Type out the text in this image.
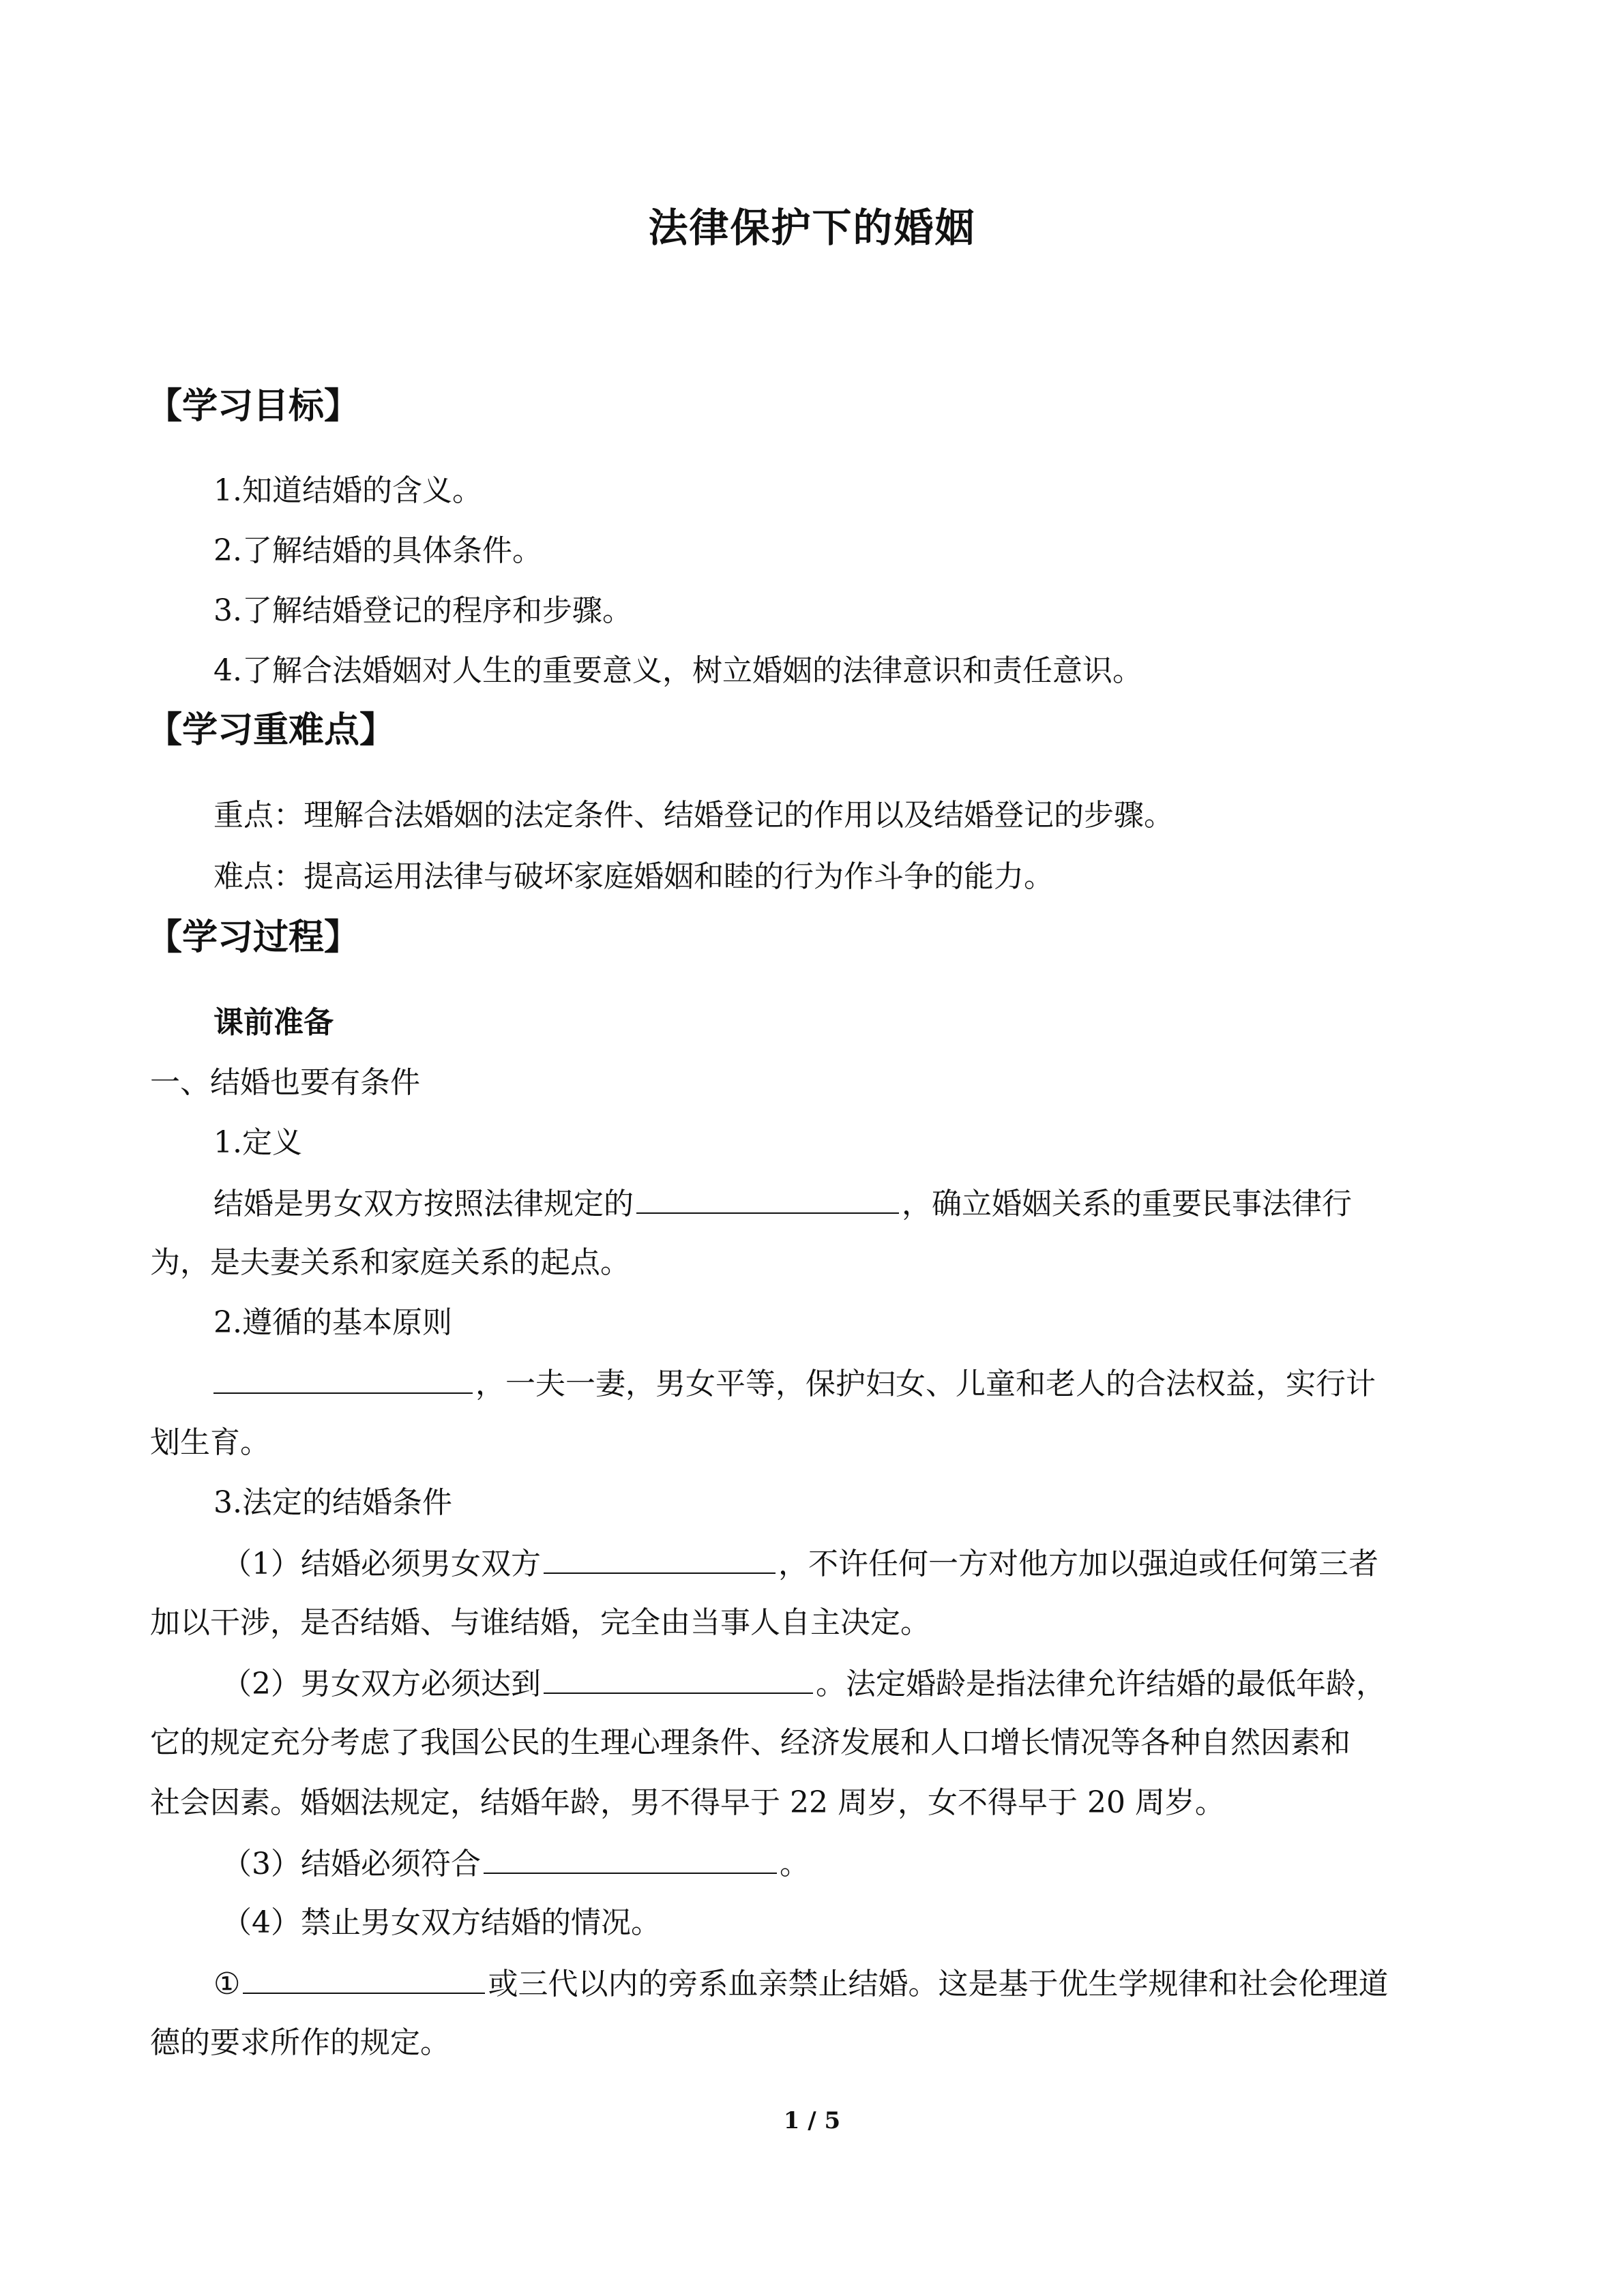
法律保护下的婚姻
【学习目标】
1.知道结婚的含义。
2.了解结婚的具体条件。
3.了解结婚登记的程序和步骤。
4.了解合法婚姻对人生的重要意义，树立婚姻的法律意识和责任意识。
【学习重难点】
重点：理解合法婚姻的法定条件、结婚登记的作用以及结婚登记的步骤。
难点：提高运用法律与破坏家庭婚姻和睦的行为作斗争的能力。
【学习过程】
课前准备
一、结婚也要有条件
1.定义
结婚是男女双方按照法律规定的	，确立婚姻关系的重要民事法律行
为，是夫妻关系和家庭关系的起点。
2.遵循的基本原则
，一夫一妻，男女平等，保护妇女、儿童和老人的合法权益，实行计
划生育。
3.法定的结婚条件
（1）结婚必须男女双方	，不许任何一方对他方加以强迫或任何第三者
加以干涉，是否结婚、与谁结婚，完全由当事人自主决定。
（2）男女双方必须达到	。法定婚龄是指法律允许结婚的最低年龄，
它的规定充分考虑了我国公民的生理心理条件、经济发展和人口增长情况等各种自然因素和
社会因素。婚姻法规定，结婚年龄，男不得早于 22 周岁，女不得早于 20 周岁。
（3）结婚必须符合	。
（4）禁止男女双方结婚的情况。
①	或三代以内的旁系血亲禁止结婚。这是基于优生学规律和社会伦理道
德的要求所作的规定。
1 / 5
